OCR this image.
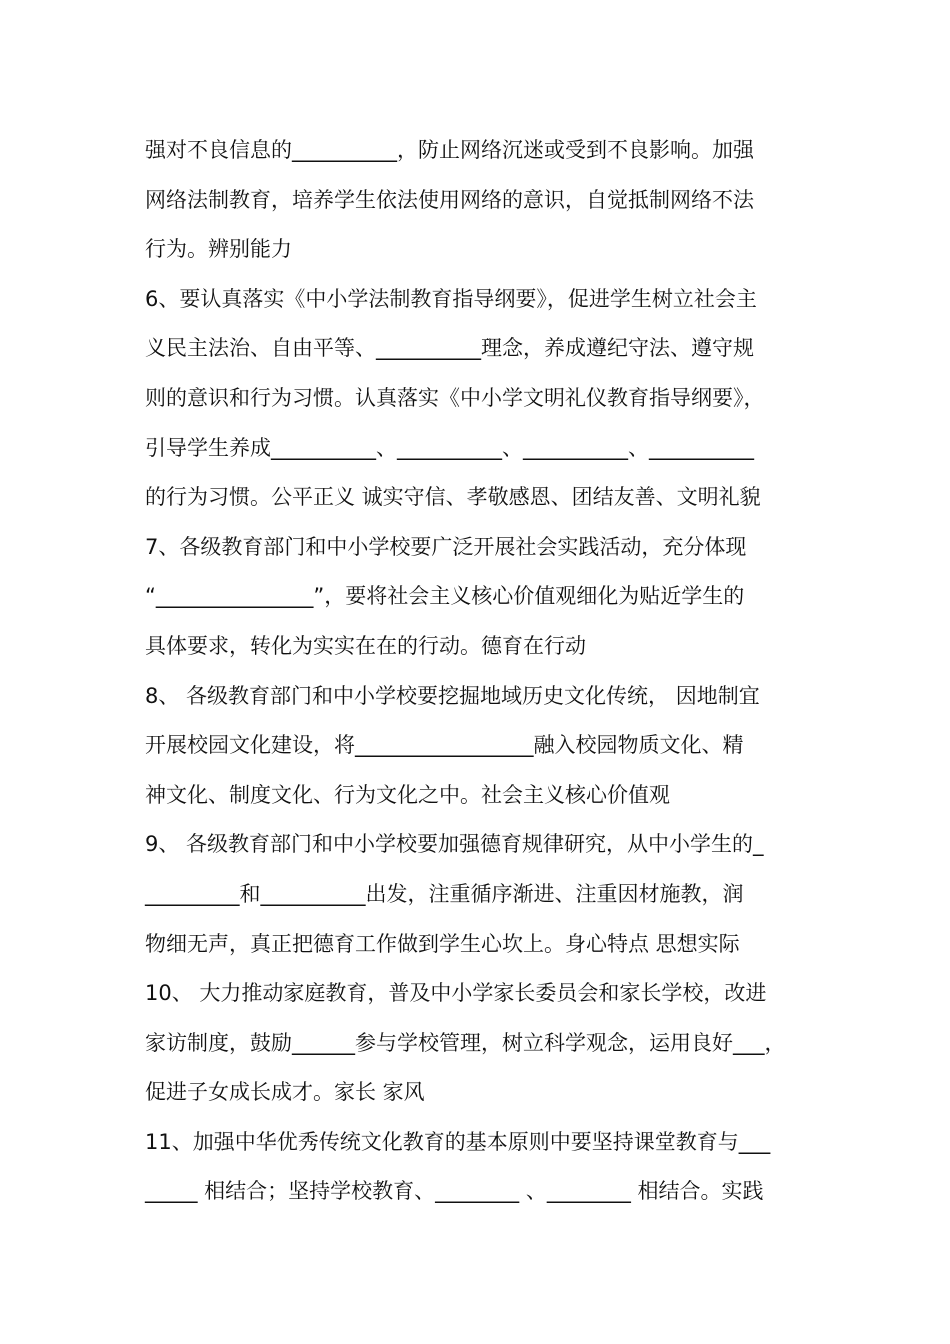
强对不良信息的__________，防止网络沉迷或受到不良影响。加强
网络法制教育，培养学生依法使用网络的意识，自觉抵制网络不法
行为。辨别能力
6、要认真落实《中小学法制教育指导纲要》，促进学生树立社会主
义民主法治、自由平等、__________理念，养成遵纪守法、遵守规
则的意识和行为习惯。认真落实《中小学文明礼仪教育指导纲要》，
引导学生养成__________、__________、__________、__________
的行为习惯。公平正义 诚实守信、孝敬感恩、团结友善、文明礼貌
7、各级教育部门和中小学校要广泛开展社会实践活动，充分体现
“_______________”，要将社会主义核心价值观细化为贴近学生的
具体要求，转化为实实在在的行动。德育在行动
8、 各级教育部门和中小学校要挖掘地域历史文化传统， 因地制宜
开展校园文化建设，将_________________融入校园物质文化、精
神文化、制度文化、行为文化之中。社会主义核心价值观
9、 各级教育部门和中小学校要加强德育规律研究，从中小学生的_
_________和__________出发，注重循序渐进、注重因材施教，润
物细无声，真正把德育工作做到学生心坎上。身心特点 思想实际
10、 大力推动家庭教育，普及中小学家长委员会和家长学校，改进
家访制度，鼓励______参与学校管理，树立科学观念，运用良好___，
促进子女成长成才。家长 家风
11、加强中华优秀传统文化教育的基本原则中要坚持课堂教育与___
_____ 相结合；坚持学校教育、________ 、________ 相结合。实践
